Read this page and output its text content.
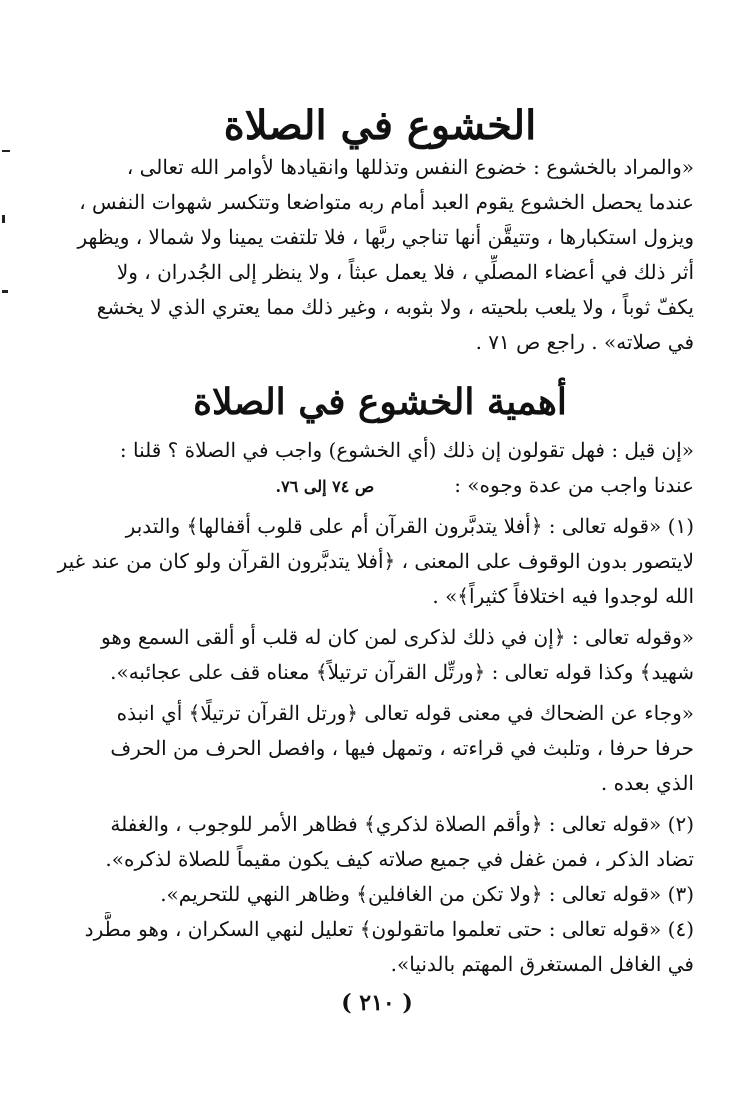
الخشوع في الصلاة
«والمراد بالخشوع : خضوع النفس وتذللها وانقيادها لأوامر الله تعالى ،
عندما يحصل الخشوع يقوم العبد أمام ربه متواضعا وتتكسر شهوات النفس ،
ويزول استكبارها ، وتتيقَّن أنها تناجي ربَّها ، فلا تلتفت يمينا ولا شمالا ، ويظهر
أثر ذلك في أعضاء المصلِّي ، فلا يعمل عبثاً ، ولا ينظر إلى الجُدران ، ولا
يكفّ ثوباً ، ولا يلعب بلحيته ، ولا بثوبه ، وغير ذلك مما يعتري الذي لا يخشع
في صلاته» . راجع ص ٧١ .
أهمية الخشوع في الصلاة
«إن قيل : فهل تقولون إن ذلك (أي الخشوع) واجب في الصلاة ؟ قلنا :
عندنا واجب من عدة وجوه» :ص ٧٤ إلى ٧٦.
(١) «قوله تعالى : ﴿أفلا يتدبَّرون القرآن أم على قلوب أقفالها﴾ والتدبر
لايتصور بدون الوقوف على المعنى ، ﴿أفلا يتدبَّرون القرآن ولو كان من عند غير
الله لوجدوا فيه اختلافاً كثيراً﴾» .
«وقوله تعالى : ﴿إن في ذلك لذكرى لمن كان له قلب أو ألقى السمع وهو
شهيد﴾ وكذا قوله تعالى : ﴿ورتِّل القرآن ترتيلاً﴾ معناه قف على عجائبه».
«وجاء عن الضحاك في معنى قوله تعالى ﴿ورتل القرآن ترتيلًا﴾ أي انبذه
حرفا حرفا ، وتلبث في قراءته ، وتمهل فيها ، وافصل الحرف من الحرف
الذي بعده .
(٢) «قوله تعالى : ﴿وأقم الصلاة لذكري﴾ فظاهر الأمر للوجوب ، والغفلة
تضاد الذكر ، فمن غفل في جميع صلاته كيف يكون مقيماً للصلاة لذكره».
(٣) «قوله تعالى : ﴿ولا تكن من الغافلين﴾ وظاهر النهي للتحريم».
(٤) «قوله تعالى : حتى تعلموا ماتقولون﴾ تعليل لنهي السكران ، وهو مطَّرد
في الغافل المستغرق المهتم بالدنيا».
( ٢١٠ )
